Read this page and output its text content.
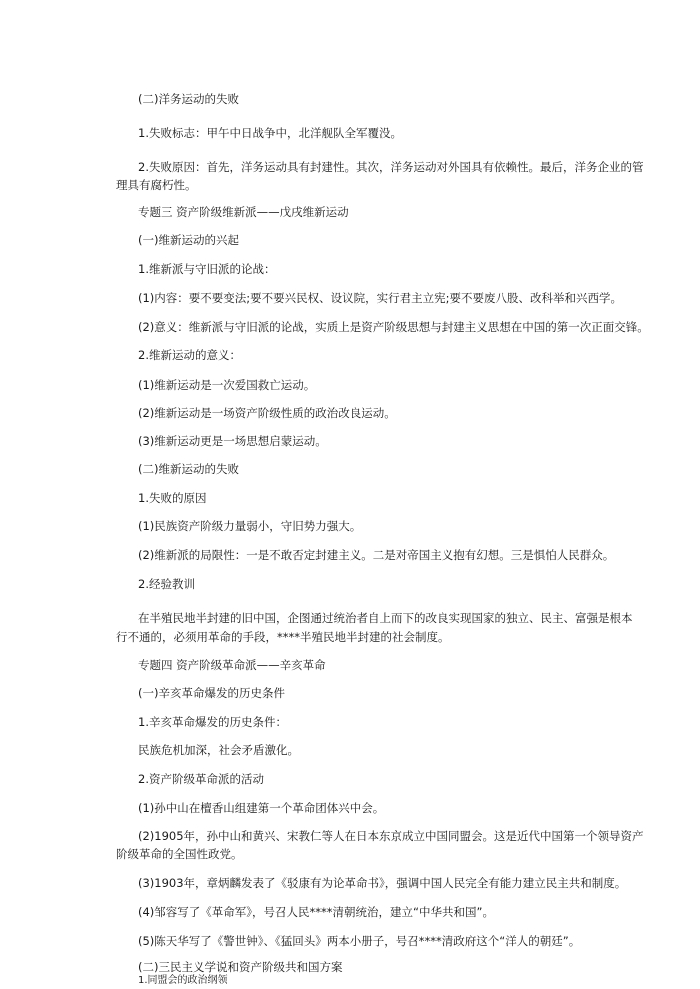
(二)洋务运动的失败
1.失败标志：甲午中日战争中，北洋舰队全军覆没。
2.失败原因：首先，洋务运动具有封建性。其次，洋务运动对外国具有依赖性。最后，洋务企业的管
理具有腐朽性。
专题三 资产阶级维新派——戊戌维新运动
(一)维新运动的兴起
1.维新派与守旧派的论战：
(1)内容：要不要变法;要不要兴民权、设议院，实行君主立宪;要不要废八股、改科举和兴西学。
(2)意义：维新派与守旧派的论战，实质上是资产阶级思想与封建主义思想在中国的第一次正面交锋。
2.维新运动的意义：
(1)维新运动是一次爱国救亡运动。
(2)维新运动是一场资产阶级性质的政治改良运动。
(3)维新运动更是一场思想启蒙运动。
(二)维新运动的失败
1.失败的原因
(1)民族资产阶级力量弱小，守旧势力强大。
(2)维新派的局限性：一是不敢否定封建主义。二是对帝国主义抱有幻想。三是惧怕人民群众。
2.经验教训
在半殖民地半封建的旧中国，企图通过统治者自上而下的改良实现国家的独立、民主、富强是根本
行不通的，必须用革命的手段，****半殖民地半封建的社会制度。
专题四 资产阶级革命派——辛亥革命
(一)辛亥革命爆发的历史条件
1.辛亥革命爆发的历史条件：
民族危机加深，社会矛盾激化。
2.资产阶级革命派的活动
(1)孙中山在檀香山组建第一个革命团体兴中会。
(2)1905年，孙中山和黄兴、宋教仁等人在日本东京成立中国同盟会。这是近代中国第一个领导资产
阶级革命的全国性政党。
(3)1903年，章炳麟发表了《驳康有为论革命书》，强调中国人民完全有能力建立民主共和制度。
(4)邹容写了《革命军》，号召人民****清朝统治，建立“中华共和国”。
(5)陈天华写了《警世钟》、《猛回头》两本小册子，号召****清政府这个“洋人的朝廷”。
(二)三民主义学说和资产阶级共和国方案
1.同盟会的政治纲领
